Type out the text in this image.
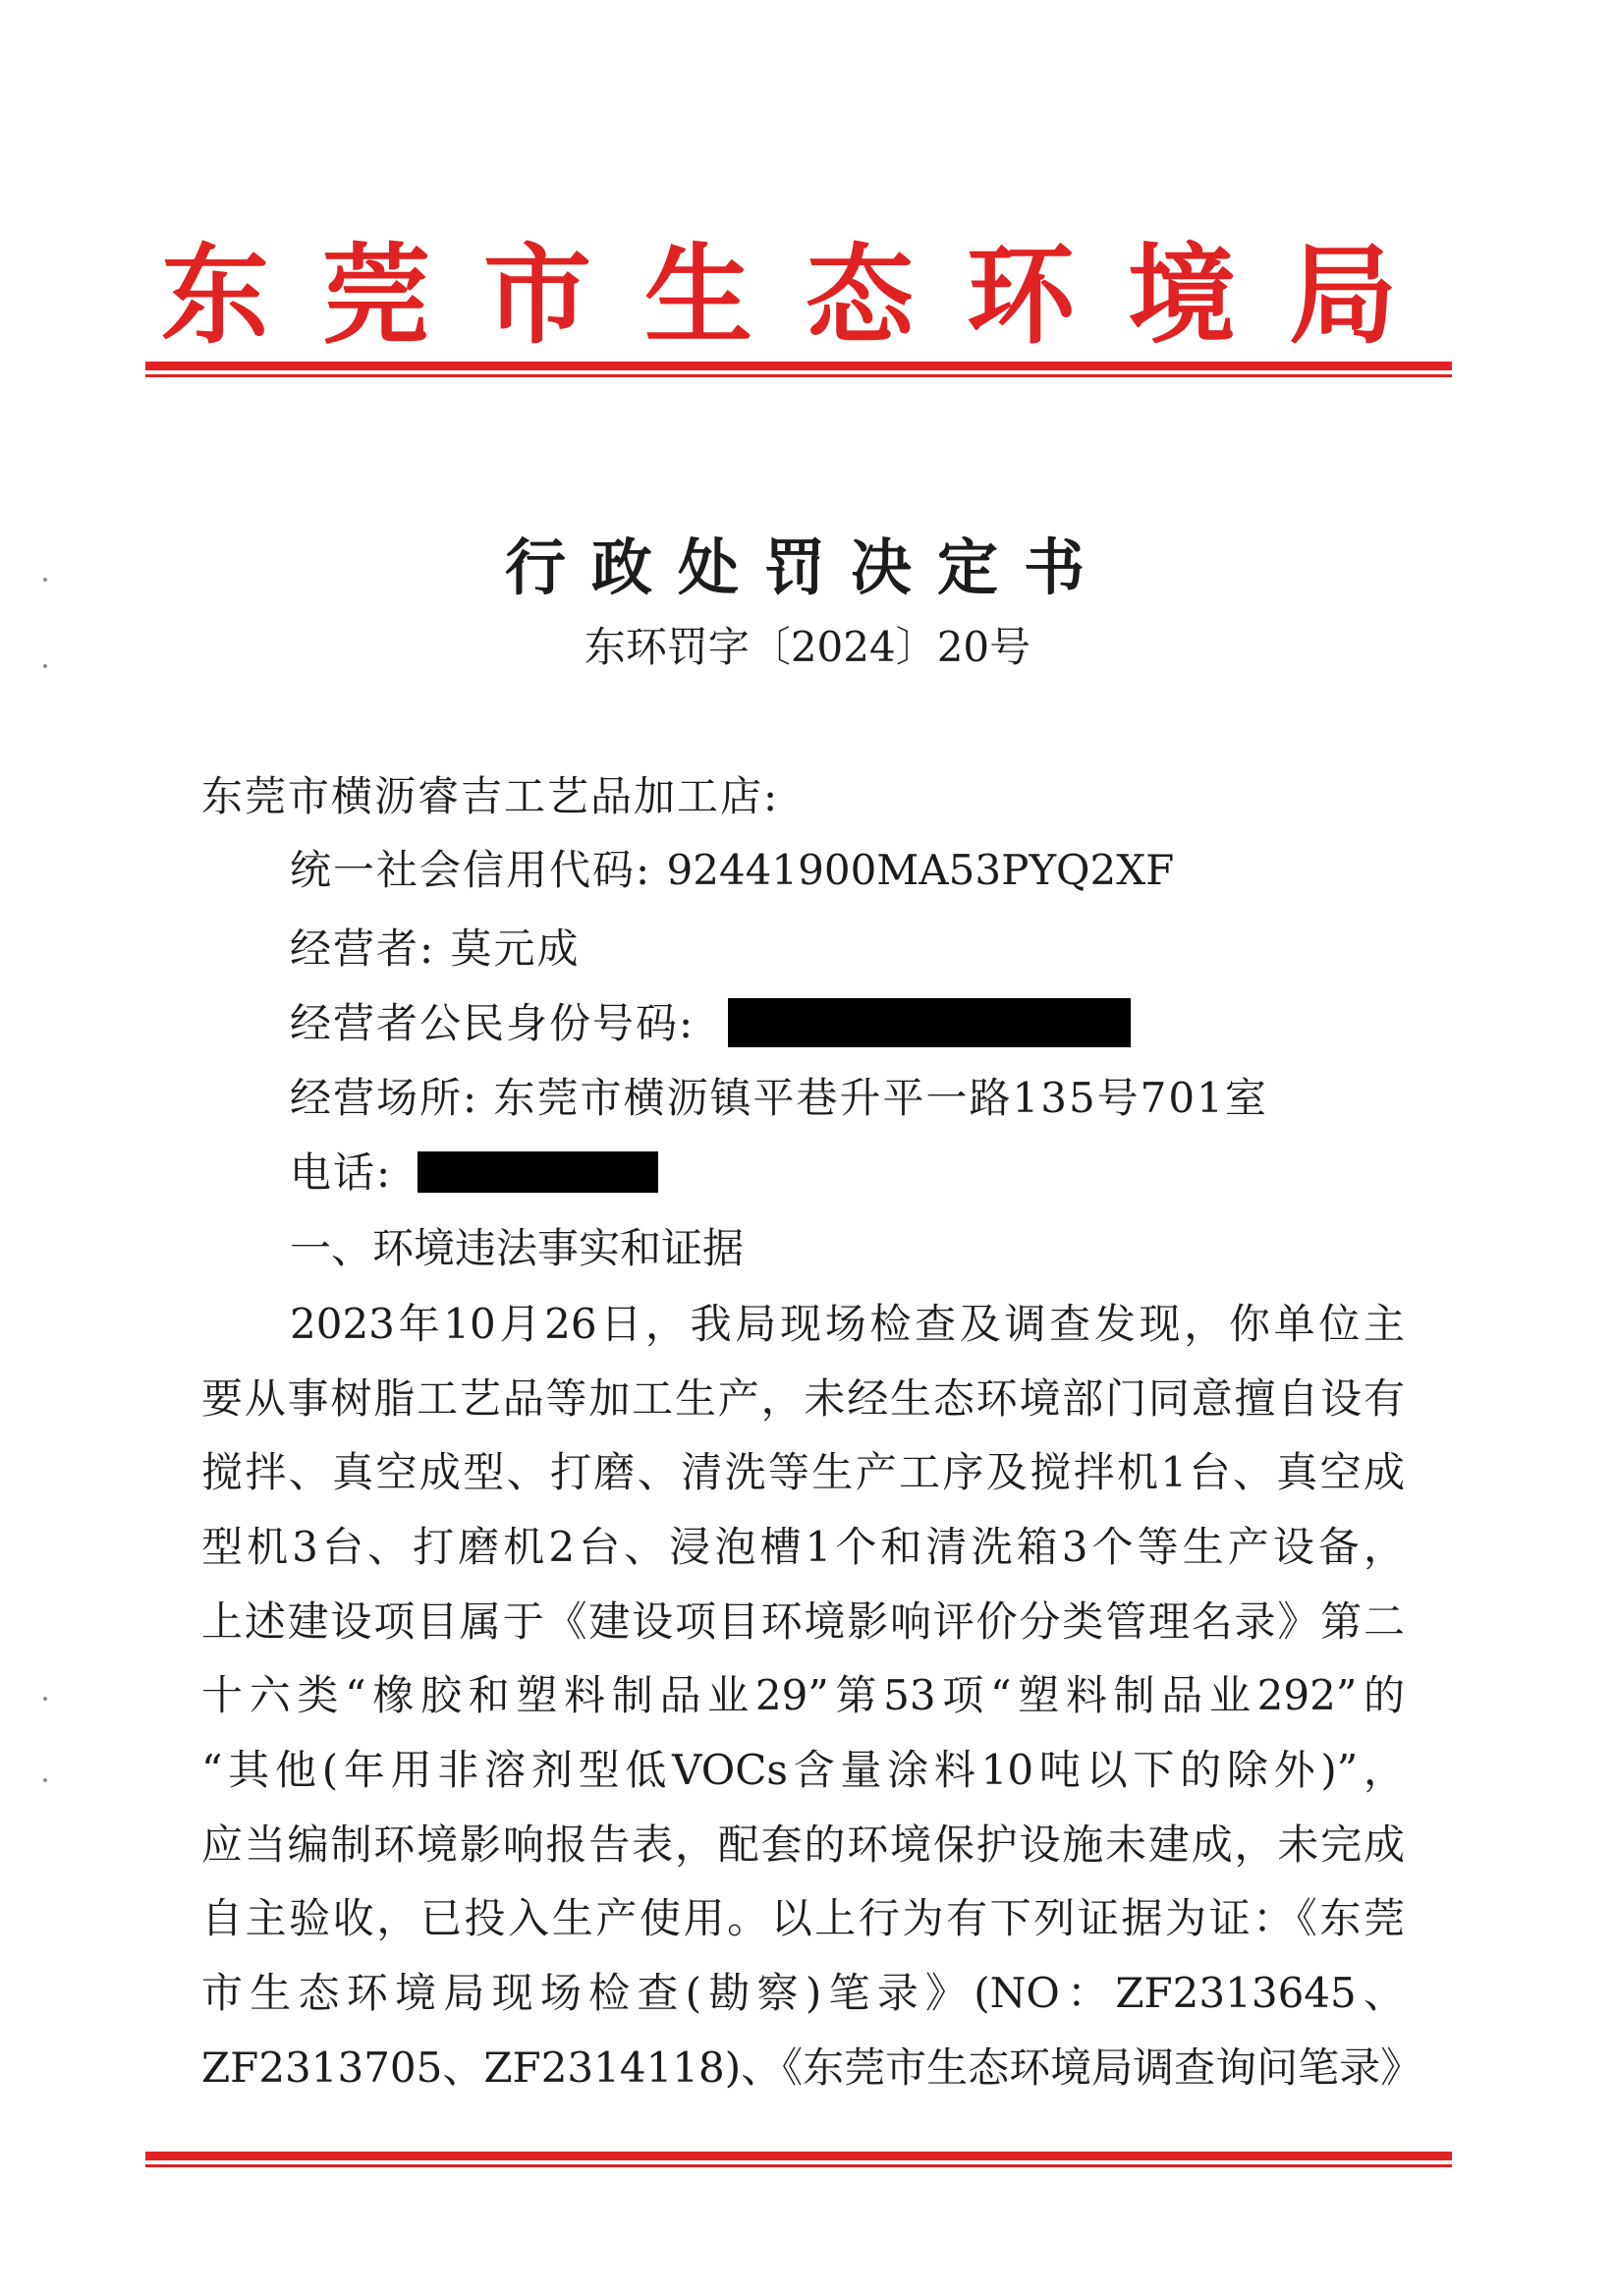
东莞市生态环境局
行政处罚决定书
东环罚字〔2024〕20号
东莞市横沥睿吉工艺品加工店:
统一社会信用代码: 92441900MA53PYQ2XF
经营者: 莫元成
经营者公民身份号码:
经营场所: 东莞市横沥镇平巷升平一路135号701室
电话:
一、环境违法事实和证据
2023年10月26日，我局现场检查及调查发现，你单位主
要从事树脂工艺品等加工生产，未经生态环境部门同意擅自设有
搅拌、真空成型、打磨、清洗等生产工序及搅拌机1台、真空成
型机3台、打磨机2台、浸泡槽1个和清洗箱3个等生产设备，
上述建设项目属于《建设项目环境影响评价分类管理名录》第二
十六类“橡胶和塑料制品业29”第53项“塑料制品业292”的
“其他(年用非溶剂型低VOCs含量涂料10吨以下的除外)”，
应当编制环境影响报告表，配套的环境保护设施未建成，未完成
自主验收，已投入生产使用。以上行为有下列证据为证：《东莞
市生态环境局现场检查(勘察)笔录》(NO：ZF2313645、
ZF2313705、ZF2314118)、《东莞市生态环境局调查询问笔录》
